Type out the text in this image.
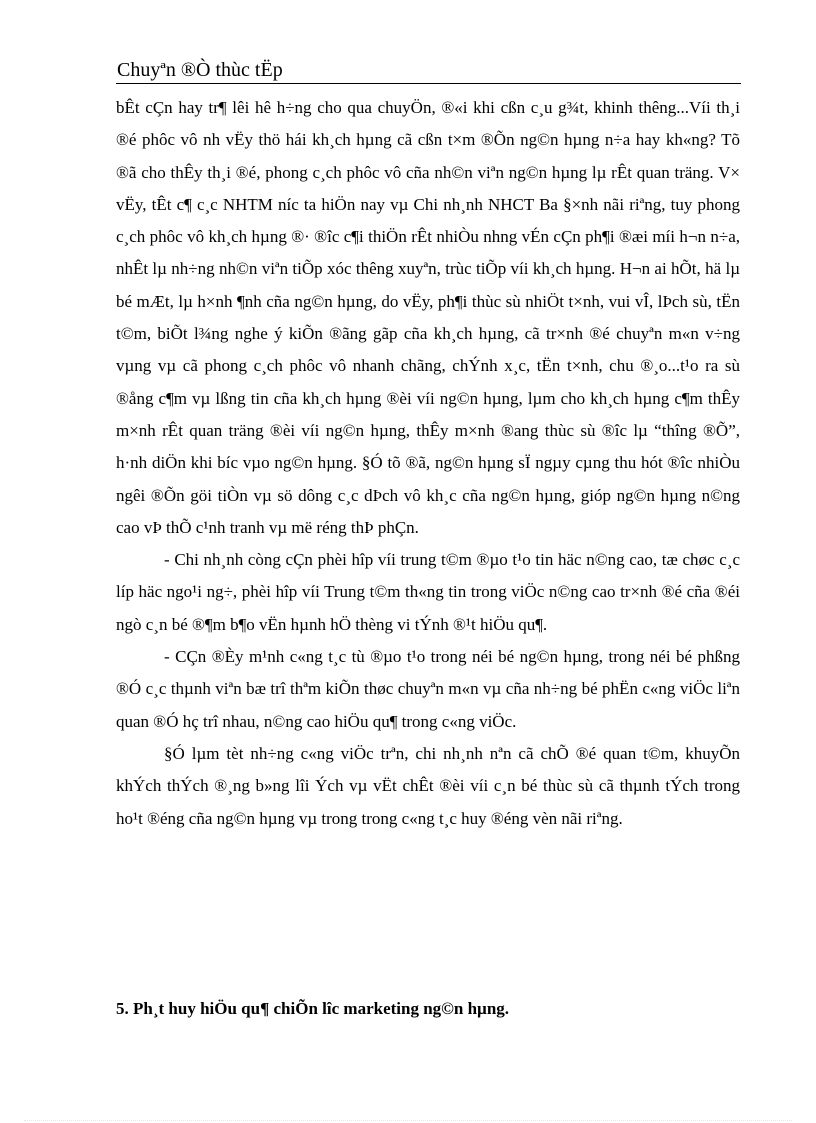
Chuyªn ®Ò thùc tËp

bÊt cÇn hay tr¶ lêi hê h÷ng cho qua chuyÖn, ®«i khi cßn c¸u g¾t, khinh thêng...Víi th¸i ®é phôc vô nh vËy thö hái kh¸ch hµng cã cßn t×m ®Õn ng©n hµng n÷a hay kh«ng? Tõ ®ã cho thÊy th¸i ®é, phong c¸ch phôc vô cña nh©n viªn ng©n hµng lµ rÊt quan träng. V× vËy, tÊt c¶ c¸c NHTM níc ta hiÖn nay vµ Chi nh¸nh NHCT Ba §×nh nãi riªng, tuy phong c¸ch phôc vô kh¸ch hµng ®· ®îc c¶i thiÖn rÊt nhiÒu nhng vÉn cÇn ph¶i ®æi míi h¬n n÷a, nhÊt lµ nh÷ng nh©n viªn tiÕp xóc thêng xuyªn, trùc tiÕp víi kh¸ch hµng. H¬n ai hÕt, hä lµ bé mÆt, lµ h×nh ¶nh cña ng©n hµng, do vËy, ph¶i thùc sù nhiÖt t×nh, vui vÎ, lÞch sù, tËn t©m, biÕt l¾ng nghe ý kiÕn ®ãng gãp cña kh¸ch hµng, cã tr×nh ®é chuyªn m«n v÷ng vµng vµ cã phong c¸ch phôc vô nhanh chãng, chÝnh x¸c, tËn t×nh, chu ®¸o...t¹o ra sù ®ång c¶m vµ lßng tin cña kh¸ch hµng ®èi víi ng©n hµng, lµm cho kh¸ch hµng c¶m thÊy m×nh rÊt quan träng ®èi víi ng©n hµng, thÊy m×nh ®ang thùc sù ®îc lµ “thîng ®Õ”, h·nh diÖn khi bíc vµo ng©n hµng. §Ó tõ ®ã, ng©n hµng sÏ ngµy cµng thu hót ®îc nhiÒu ngêi ®Õn göi tiÒn vµ sö dông c¸c dÞch vô kh¸c cña ng©n hµng, gióp ng©n hµng n©ng cao vÞ thÕ c¹nh tranh vµ më réng thÞ phÇn.

- Chi nh¸nh còng cÇn phèi hîp víi trung t©m ®µo t¹o tin häc n©ng cao, tæ chøc c¸c líp häc ngo¹i ng÷, phèi hîp víi Trung t©m th«ng tin trong viÖc n©ng cao tr×nh ®é cña ®éi ngò c¸n bé ®¶m b¶o vËn hµnh hÖ thèng vi tÝnh ®¹t hiÖu qu¶.

- CÇn ®Èy m¹nh c«ng t¸c tù ®µo t¹o trong néi bé ng©n hµng, trong néi bé phßng ®Ó c¸c thµnh viªn bæ trî thªm kiÕn thøc chuyªn m«n vµ cña nh÷ng bé phËn c«ng viÖc liªn quan ®Ó hç trî nhau, n©ng cao hiÖu qu¶ trong c«ng viÖc.

§Ó lµm tèt nh÷ng c«ng viÖc trªn, chi nh¸nh nªn cã chÕ ®é quan t©m, khuyÕn khÝch thÝch ®¸ng b»ng lîi Ých vµ vËt chÊt ®èi víi c¸n bé thùc sù cã thµnh tÝch trong ho¹t ®éng cña ng©n hµng vµ trong trong c«ng t¸c huy ®éng vèn nãi riªng.

5. Ph¸t huy hiÖu qu¶ chiÕn lîc marketing ng©n hµng.
